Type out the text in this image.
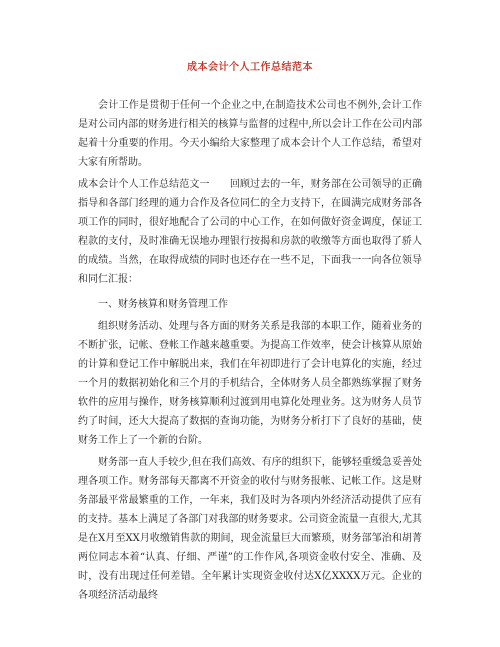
成本会计个人工作总结范本

会计工作是贯彻于任何一个企业之中,在制造技术公司也不例外,会计工作是对公司内部的财务进行相关的核算与监督的过程中,所以会计工作在公司内部起着十分重要的作用。今天小编给大家整理了成本会计个人工作总结，希望对大家有所帮助。

成本会计个人工作总结范文一　　回顾过去的一年，财务部在公司领导的正确指导和各部门经理的通力合作及各位同仁的全力支持下，在圆满完成财务部各项工作的同时，很好地配合了公司的中心工作，在如何做好资金调度，保证工程款的支付，及时准确无误地办理银行按揭和房款的收缴等方面也取得了骄人的成绩。当然，在取得成绩的同时也还存在一些不足，下面我一一向各位领导和同仁汇报：

一、财务核算和财务管理工作

组织财务活动、处理与各方面的财务关系是我部的本职工作，随着业务的不断扩张，记帐、登帐工作越来越重要。为提高工作效率，使会计核算从原始的计算和登记工作中解脱出来，我们在年初即进行了会计电算化的实施，经过一个月的数据初始化和三个月的手机结合，全体财务人员全都熟练掌握了财务软件的应用与操作，财务核算顺利过渡到用电算化处理业务。这为财务人员节约了时间，还大大提高了数据的查询功能，为财务分析打下了良好的基础，使财务工作上了一个新的台阶。

财务部一直人手较少,但在我们高效、有序的组织下，能够轻重缓急妥善处理各项工作。财务部每天都离不开资金的收付与财务报帐、记帐工作。这是财务部最平常最繁重的工作，一年来，我们及时为各项内外经济活动提供了应有的支持。基本上满足了各部门对我部的财务要求。公司资金流量一直很大,尤其是在X月至XX月收缴销售款的期间，现金流量巨大而繁琐，财务部邹治和胡菁两位同志本着“认真、仔细、严谨”的工作作风,各项资金收付安全、准确、及时，没有出现过任何差错。全年累计实现资金收付达X亿XXXX万元。企业的各项经济活动最终
